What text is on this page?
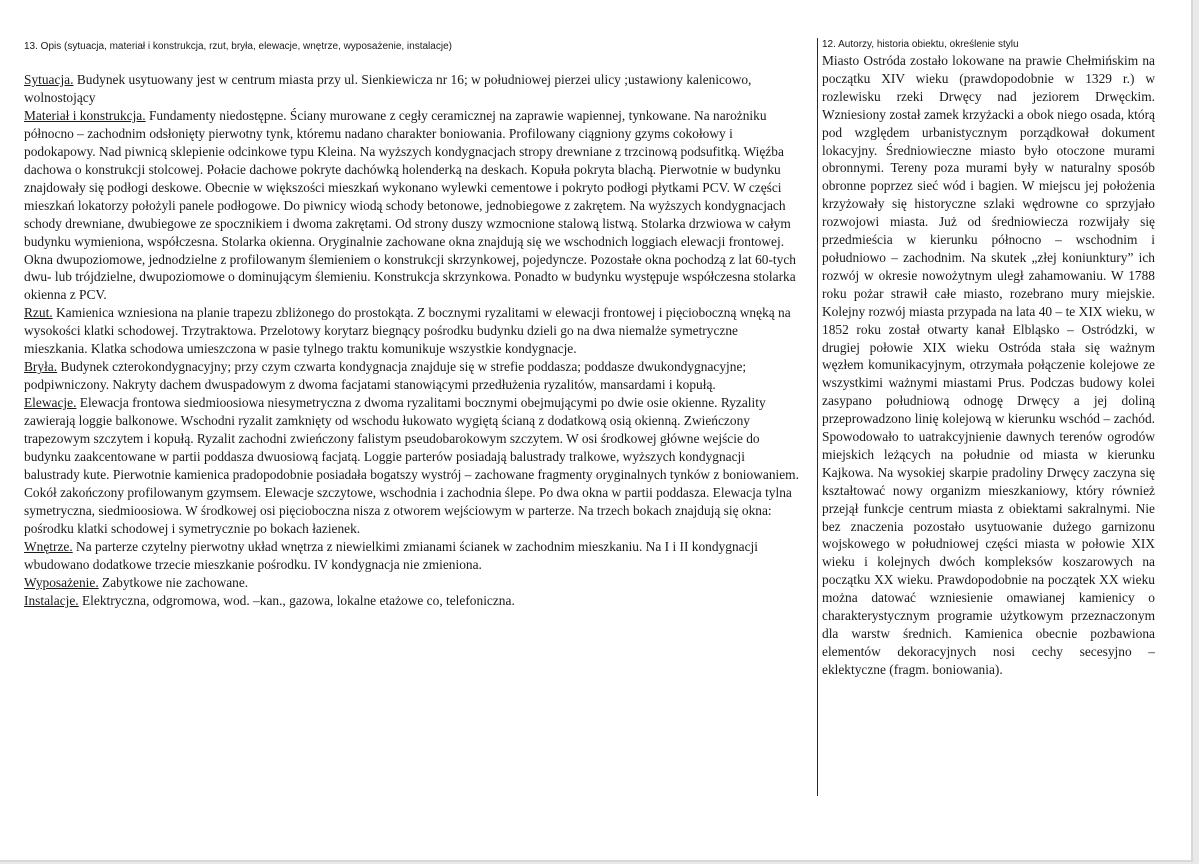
13. Opis (sytuacja, materiał i konstrukcja, rzut, bryła, elewacje, wnętrze, wyposażenie, instalacje)

Sytuacja. Budynek usytuowany jest w centrum miasta przy ul. Sienkiewicza nr 16; w południowej pierzei ulicy ;ustawiony kalenicowo, wolnostojący

Materiał i konstrukcja. Fundamenty niedostępne. Ściany murowane z cegły ceramicznej na zaprawie wapiennej, tynkowane. Na narożniku północno – zachodnim odsłonięty pierwotny tynk, któremu nadano charakter boniowania. Profilowany ciągniony gzyms cokołowy i podokapowy. Nad piwnicą sklepienie odcinkowe typu Kleina. Na wyższych kondygnacjach stropy drewniane z trzcinową podsufitką. Więźba dachowa o konstrukcji stolcowej. Połacie dachowe pokryte dachówką holenderką na deskach. Kopuła pokryta blachą. Pierwotnie w budynku znajdowały się podłogi deskowe. Obecnie w większości mieszkań wykonano wylewki cementowe i pokryto podłogi płytkami PCV. W części mieszkań lokatorzy położyli panele podłogowe. Do piwnicy wiodą schody betonowe, jednobiegowe z zakrętem. Na wyższych kondygnacjach schody drewniane, dwubiegowe ze spocznikiem i dwoma zakrętami. Od strony duszy wzmocnione stalową listwą. Stolarka drzwiowa w całym budynku wymieniona, współczesna. Stolarka okienna. Oryginalnie zachowane okna znajdują się we wschodnich loggiach elewacji frontowej. Okna dwupoziomowe, jednodzielne z profilowanym ślemieniem o konstrukcji skrzynkowej, pojedyncze. Pozostałe okna pochodzą z lat 60-tych dwu- lub trójdzielne, dwupoziomowe o dominującym ślemieniu. Konstrukcja skrzynkowa. Ponadto w budynku występuje współczesna stolarka okienna z PCV.

Rzut. Kamienica wzniesiona na planie trapezu zbliżonego do prostokąta. Z bocznymi ryzalitami w elewacji frontowej i pięcioboczną wnęką na wysokości klatki schodowej. Trzytraktowa. Przelotowy korytarz biegnący pośrodku budynku dzieli go na dwa niemalże symetryczne mieszkania. Klatka schodowa umieszczona w pasie tylnego traktu komunikuje wszystkie kondygnacje.

Bryła. Budynek czterokondygnacyjny; przy czym czwarta kondygnacja znajduje się w strefie poddasza; poddasze dwukondygnacyjne; podpiwniczony. Nakryty dachem dwuspadowym z dwoma facjatami stanowiącymi przedłużenia ryzalitów, mansardami i kopułą.

Elewacje. Elewacja frontowa siedmioosiowa niesymetryczna z dwoma ryzalitami bocznymi obejmującymi po dwie osie okienne. Ryzality zawierają loggie balkonowe. Wschodni ryzalit zamknięty od wschodu łukowato wygiętą ścianą z dodatkową osią okienną. Zwieńczony trapezowym szczytem i kopułą. Ryzalit zachodni zwieńczony falistym pseudobarokowym szczytem. W osi środkowej główne wejście do budynku zaakcentowane w partii poddasza dwuosiową facjatą. Loggie parterów posiadają balustrady tralkowe, wyższych kondygnacji balustrady kute. Pierwotnie kamienica pradopodobnie posiadała bogatszy wystrój – zachowane fragmenty oryginalnych tynków z boniowaniem. Cokół zakończony profilowanym gzymsem. Elewacje szczytowe, wschodnia i zachodnia ślepe. Po dwa okna w partii poddasza. Elewacja tylna symetryczna, siedmioosiowa. W środkowej osi pięcioboczna nisza z otworem wejściowym w parterze. Na trzech bokach znajdują się okna: pośrodku klatki schodowej i symetrycznie po bokach łazienek.

Wnętrze. Na parterze czytelny pierwotny układ wnętrza z niewielkimi zmianami ścianek w zachodnim mieszkaniu. Na I i II kondygnacji wbudowano dodatkowe trzecie mieszkanie pośrodku. IV kondygnacja nie zmieniona.

Wyposażenie. Zabytkowe nie zachowane.

Instalacje. Elektryczna, odgromowa, wod. –kan., gazowa, lokalne etażowe co, telefoniczna.

12. Autorzy, historia obiektu, określenie stylu

Miasto Ostróda zostało lokowane na prawie Chełmińskim na początku XIV wieku (prawdopodobnie w 1329 r.) w rozlewisku rzeki Drwęcy nad jeziorem Drwęckim. Wzniesiony został zamek krzyżacki a obok niego osada, którą pod względem urbanistycznym porządkował dokument lokacyjny. Średniowieczne miasto było otoczone murami obronnymi. Tereny poza murami były w naturalny sposób obronne poprzez sieć wód i bagien. W miejscu jej położenia krzyżowały się historyczne szlaki wędrowne co sprzyjało rozwojowi miasta. Już od średniowiecza rozwijały się przedmieścia w kierunku północno – wschodnim i południowo – zachodnim. Na skutek „złej koniunktury” ich rozwój w okresie nowożytnym uległ zahamowaniu. W 1788 roku pożar strawił całe miasto, rozebrano mury miejskie. Kolejny rozwój miasta przypada na lata 40 – te XIX wieku, w 1852 roku został otwarty kanał Elbląsko – Ostródzki, w drugiej połowie XIX wieku Ostróda stała się ważnym węzłem komunikacyjnym, otrzymała połączenie kolejowe ze wszystkimi ważnymi miastami Prus. Podczas budowy kolei zasypano południową odnogę Drwęcy a jej doliną przeprowadzono linię kolejową w kierunku wschód – zachód. Spowodowało to uatrakcyjnienie dawnych terenów ogrodów miejskich leżących na południe od miasta w kierunku Kajkowa. Na wysokiej skarpie pradoliny Drwęcy zaczyna się kształtować nowy organizm mieszkaniowy, który również przejął funkcje centrum miasta z obiektami sakralnymi. Nie bez znaczenia pozostało usytuowanie dużego garnizonu wojskowego w południowej części miasta w połowie XIX wieku i kolejnych dwóch kompleksów koszarowych na początku XX wieku. Prawdopodobnie na początek XX wieku można datować wzniesienie omawianej kamienicy o charakterystycznym programie użytkowym przeznaczonym dla warstw średnich. Kamienica obecnie pozbawiona elementów dekoracyjnych nosi cechy secesyjno – eklektyczne (fragm. boniowania).
